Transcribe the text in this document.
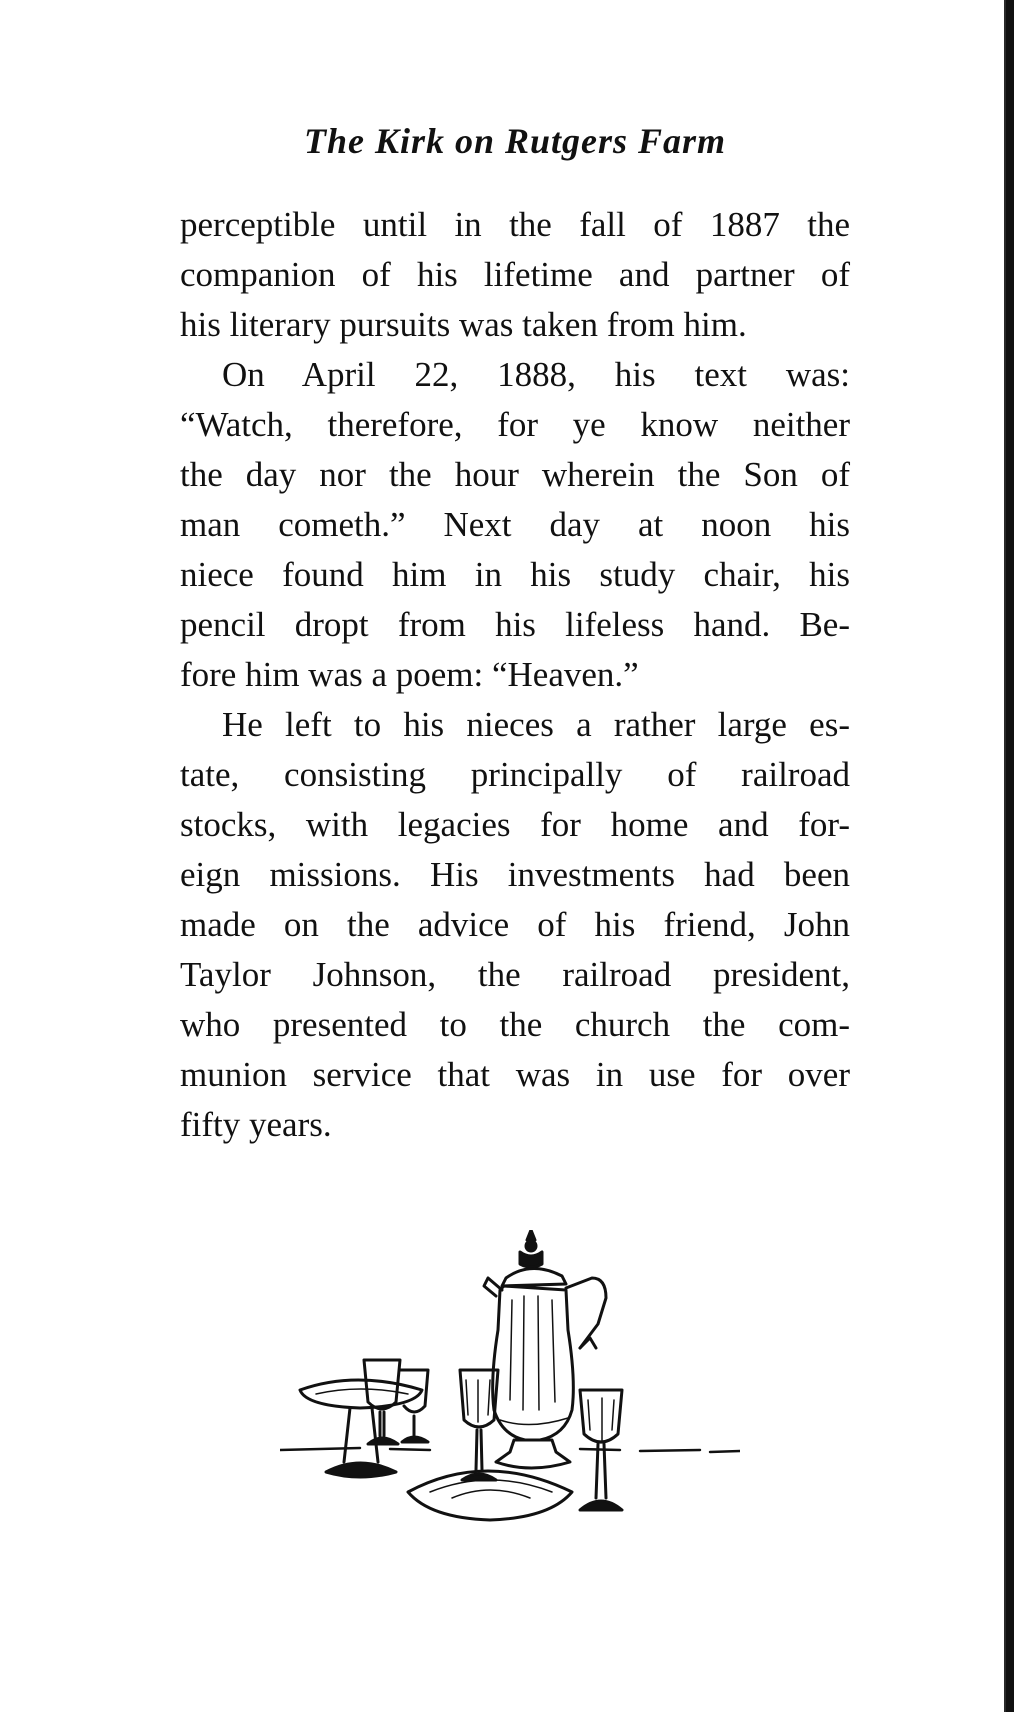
The Kirk on Rutgers Farm
perceptible until in the fall of 1887 the
companion of his lifetime and partner of
his literary pursuits was taken from him.
On April 22, 1888, his text was:
“Watch, therefore, for ye know neither
the day nor the hour wherein the Son of
man cometh.” Next day at noon his
niece found him in his study chair, his
pencil dropt from his lifeless hand. Be-
fore him was a poem: “Heaven.”
He left to his nieces a rather large es-
tate, consisting principally of railroad
stocks, with legacies for home and for-
eign missions. His investments had been
made on the advice of his friend, John
Taylor Johnson, the railroad president,
who presented to the church the com-
munion service that was in use for over
fifty years.
